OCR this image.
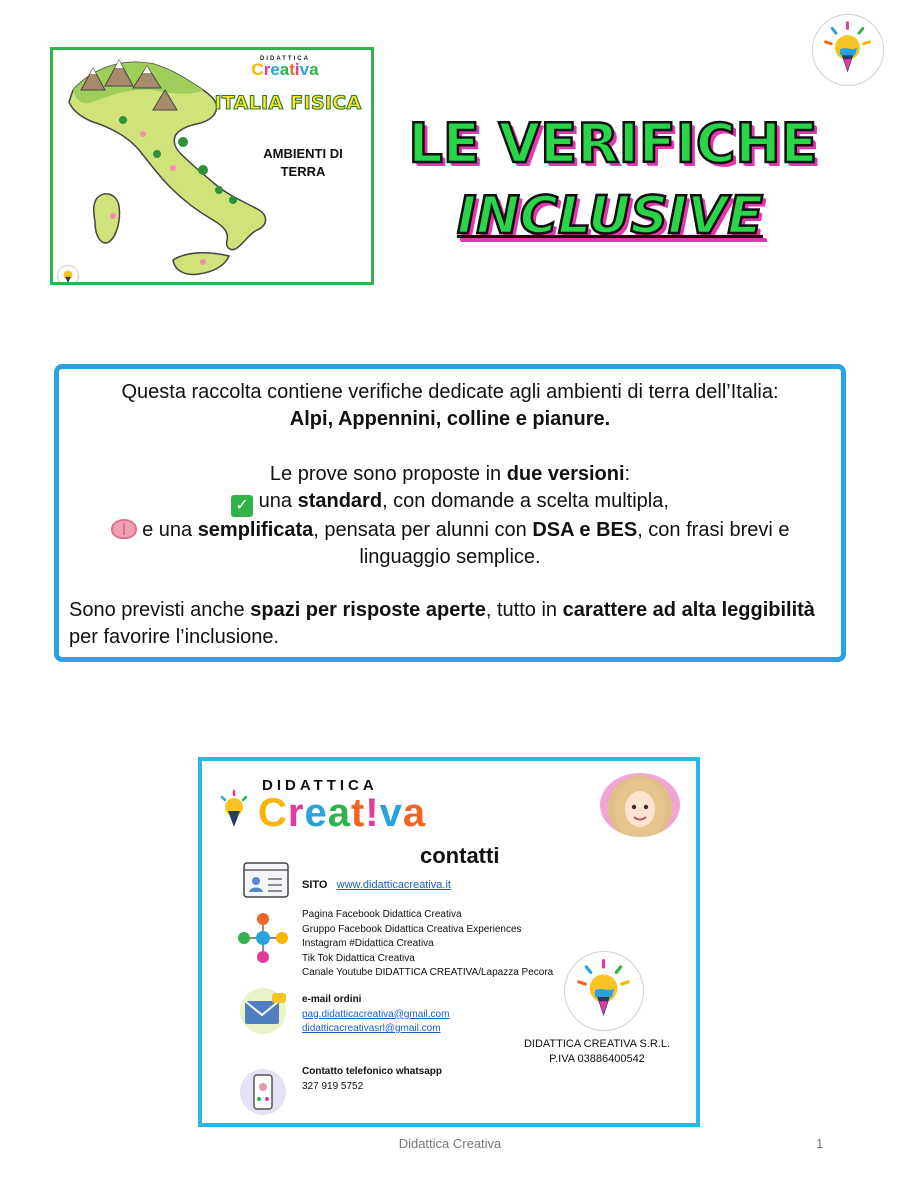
DIDATTICA
Creativa
ITALIA FISICA
AMBIENTI DI
TERRA
Didattica Creativa
LE VERIFICHE
INCLUSIVE
Questa raccolta contiene verifiche dedicate agli ambienti di terra dell’Italia:
Alpi, Appennini, colline e pianure.
Le prove sono proposte in due versioni:
✓ una standard, con domande a scelta multipla,
e una semplificata, pensata per alunni con DSA e BES, con frasi brevi e
linguaggio semplice.
Sono previsti anche spazi per risposte aperte, tutto in carattere ad alta leggibilità per favorire l’inclusione.
DIDATTICA
Creat!va
contatti
SITO www.didatticacreativa.it
Pagina Facebook Didattica Creativa
Gruppo Facebook Didattica Creativa Experiences
Instagram #Didattica Creativa
Tik Tok Didattica Creativa
Canale Youtube DIDATTICA CREATIVA/Lapazza Pecora
e-mail ordini
pag.didatticacreativa@gmail.com
didatticacreativasrl@gmail.com
DIDATTICA CREATIVA S.R.L.
P.IVA 03886400542
Contatto telefonico whatsapp
327 919 5752
Didattica Creativa	1
